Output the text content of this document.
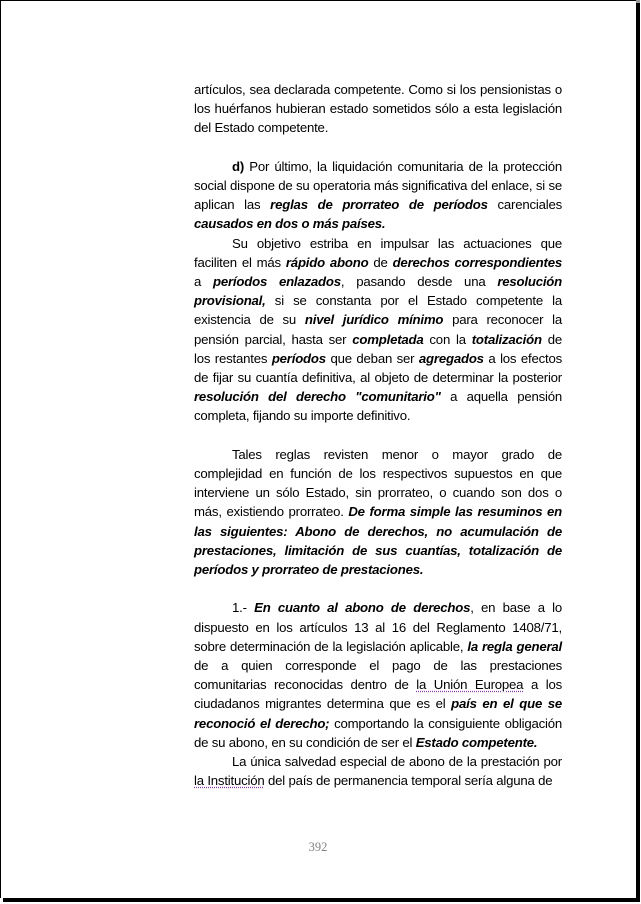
artículos, sea declarada competente. Como si los pensionistas o los huérfanos hubieran estado sometidos sólo a esta legislación del Estado competente.

d) Por último, la liquidación comunitaria de la protección social dispone de su operatoria más significativa del enlace, si se aplican las reglas de prorrateo de períodos carenciales causados en dos o más países.

Su objetivo estriba en impulsar las actuaciones que faciliten el más rápido abono de derechos correspondientes a períodos enlazados, pasando desde una resolución provisional, si se constanta por el Estado competente la existencia de su nivel jurídico mínimo para reconocer la pensión parcial, hasta ser completada con la totalización de los restantes períodos que deban ser agregados a los efectos de fijar su cuantía definitiva, al objeto de determinar la posterior resolución del derecho "comunitario" a aquella pensión completa, fijando su importe definitivo.

Tales reglas revisten menor o mayor grado de complejidad en función de los respectivos supuestos en que interviene un sólo Estado, sin prorrateo, o cuando son dos o más, existiendo prorrateo. De forma simple las resuminos en las siguientes: Abono de derechos, no acumulación de prestaciones, limitación de sus cuantías, totalización de períodos y prorrateo de prestaciones.

1.- En cuanto al abono de derechos, en base a lo dispuesto en los artículos 13 al 16 del Reglamento 1408/71, sobre determinación de la legislación aplicable, la regla general de a quien corresponde el pago de las prestaciones comunitarias reconocidas dentro de la Unión Europea a los ciudadanos migrantes determina que es el país en el que se reconoció el derecho; comportando la consiguiente obligación de su abono, en su condición de ser el Estado competente.

La única salvedad especial de abono de la prestación por la Institución del país de permanencia temporal sería alguna de

392
